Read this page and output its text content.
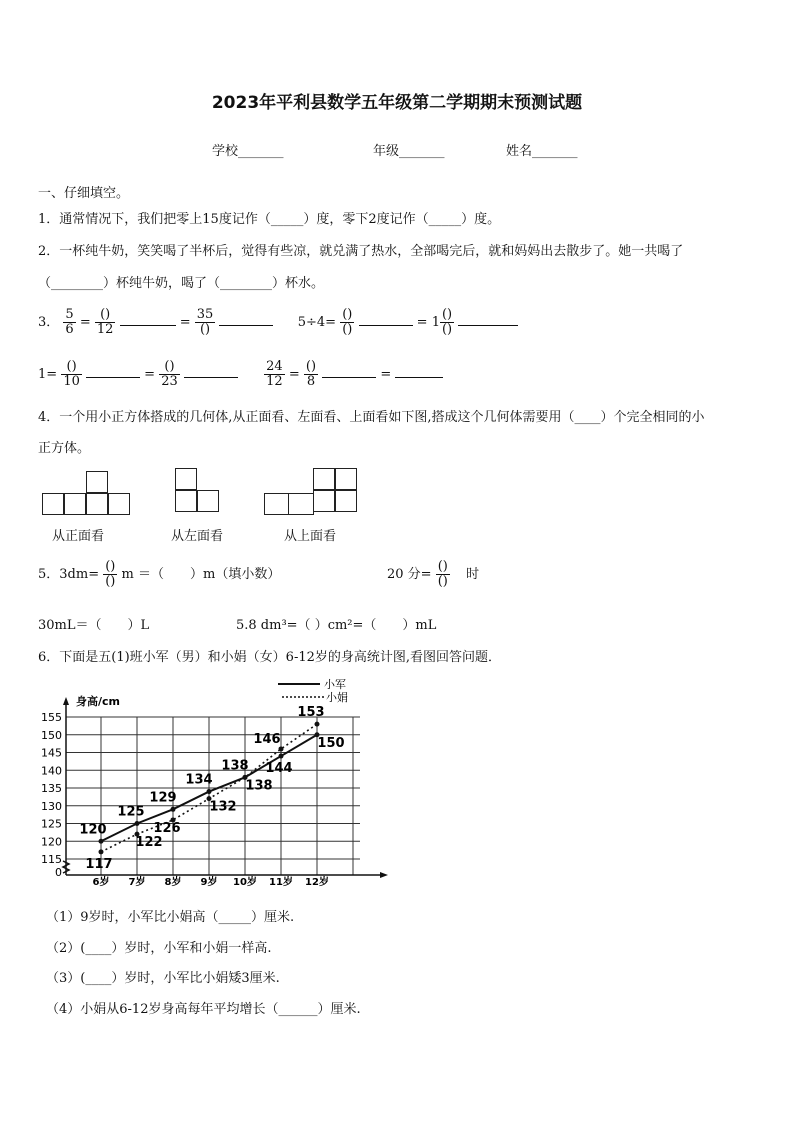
2023年平利县数学五年级第二学期期末预测试题
学校_______	年级_______	姓名_______
一、仔细填空。
1．通常情况下，我们把零上15度记作（_____）度，零下2度记作（_____）度。
2．一杯纯牛奶，笑笑喝了半杯后，觉得有些凉，就兑满了热水，全部喝完后，就和妈妈出去散步了。她一共喝了
（________）杯纯牛奶，喝了（________）杯水。
3． $\frac{5}{6} = \frac{()}{12}$	= $\frac{35}{()}$	$5\div 4= \frac{()}{()}$	= $1 \frac{()}{()}$

$1= \frac{()}{10}$	= $\frac{()}{23}$
	$\frac{24}{12} = \frac{()}{8}$	=
4．一个用小正方体搭成的几何体,从正面看、左面看、上面看如下图,搭成这个几何体需要用（____）个完全相同的小
正方体。
从正面看	从左面看	从上面看
5．$3dm= \frac{()}{()}$ m ＝（　　）m（填小数）	20 分= $\frac{()}{()}$ 时
30mL＝（　　）L	5.8 dm³=（ ）cm²=（　　）mL
6．下面是五(1)班小军（男）和小娟（女）6-12岁的身高统计图,看图回答问题．
身高/cm
155
150
145
140
135
130
125
120
115
0
6岁 7岁 8岁 9岁 10岁 11岁 12岁
120
125
129
134
138 144
150
117
122
126
132
138
146
153
小军
小娟
（1）9岁时，小军比小娟高（_____）厘米.
（2）(____）岁时，小军和小娟一样高.
（3）(____）岁时，小军比小娟矮3厘米.
（4）小娟从6-12岁身高每年平均增长（______）厘米.
